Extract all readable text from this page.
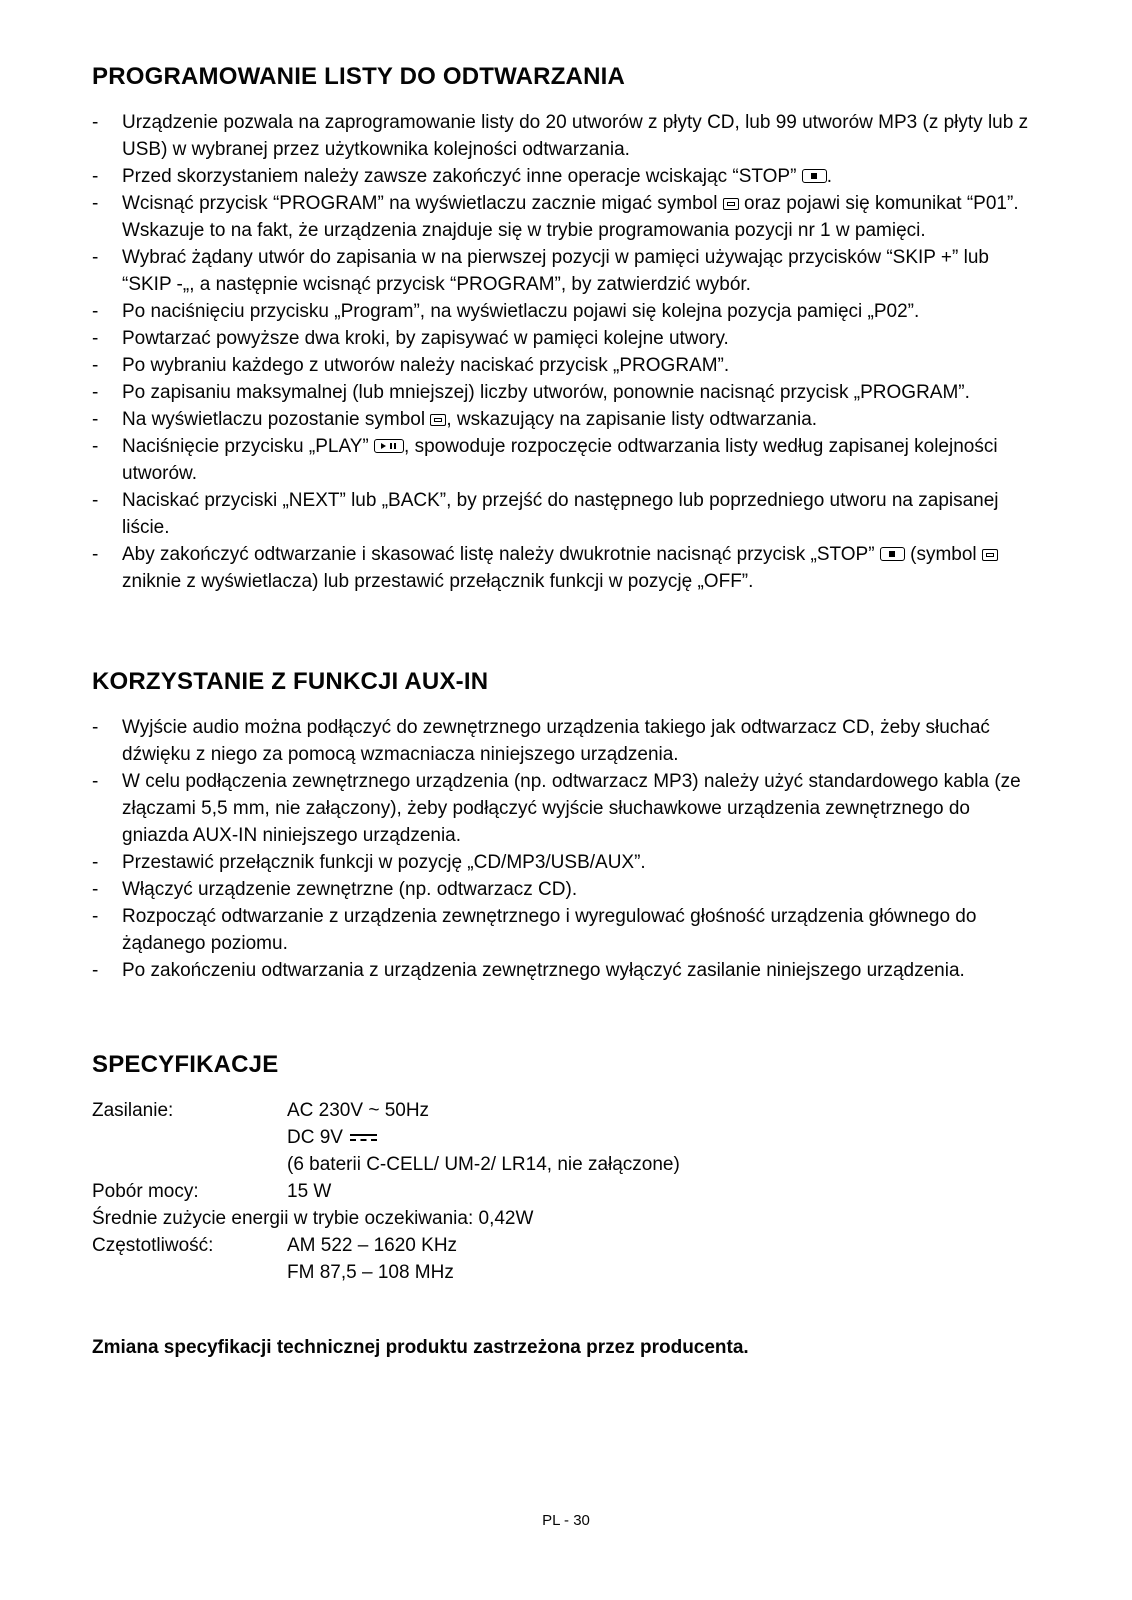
PROGRAMOWANIE LISTY DO ODTWARZANIA
-	Urządzenie pozwala na zaprogramowanie listy do 20 utworów z płyty CD, lub 99 utworów MP3 (z płyty lub z USB) w wybranej przez użytkownika kolejności odtwarzania.
-	Przed skorzystaniem należy zawsze zakończyć inne operacje wciskając “STOP” .
-	Wcisnąć przycisk “PROGRAM” na wyświetlaczu zacznie migać symbol  oraz pojawi się komunikat “P01”. Wskazuje to na fakt, że urządzenia znajduje się w trybie programowania pozycji nr 1 w pamięci.
-	Wybrać żądany utwór do zapisania w na pierwszej pozycji w pamięci używając przycisków “SKIP +” lub “SKIP -„, a następnie wcisnąć przycisk “PROGRAM”, by zatwierdzić wybór.
-	Po naciśnięciu przycisku „Program”, na wyświetlaczu pojawi się kolejna pozycja pamięci „P02”.
-	Powtarzać powyższe dwa kroki, by zapisywać w pamięci kolejne utwory.
-	Po wybraniu każdego z utworów należy naciskać przycisk „PROGRAM”.
-	Po zapisaniu maksymalnej (lub mniejszej) liczby utworów, ponownie nacisnąć przycisk „PROGRAM”.
-	Na wyświetlaczu pozostanie symbol , wskazujący na zapisanie listy odtwarzania.
-	Naciśnięcie przycisku „PLAY” , spowoduje rozpoczęcie odtwarzania listy według zapisanej kolejności utworów.
-	Naciskać przyciski „NEXT” lub „BACK”, by przejść do następnego lub poprzedniego utworu na zapisanej liście.
-	Aby zakończyć odtwarzanie i skasować listę należy dwukrotnie nacisnąć przycisk „STOP”  (symbol  zniknie z wyświetlacza) lub przestawić przełącznik funkcji w pozycję „OFF”.
KORZYSTANIE Z FUNKCJI AUX-IN
-	Wyjście audio można podłączyć do zewnętrznego urządzenia takiego jak odtwarzacz CD, żeby słuchać dźwięku z niego za pomocą wzmacniacza niniejszego urządzenia.
-	W celu podłączenia zewnętrznego urządzenia (np. odtwarzacz MP3) należy użyć standardowego kabla (ze złączami 5,5 mm, nie załączony), żeby podłączyć wyjście słuchawkowe urządzenia zewnętrznego do gniazda AUX-IN niniejszego urządzenia.
-	Przestawić przełącznik funkcji w pozycję „CD/MP3/USB/AUX”.
-	Włączyć urządzenie zewnętrzne (np. odtwarzacz CD).
-	Rozpocząć odtwarzanie z urządzenia zewnętrznego i wyregulować głośność urządzenia głównego do żądanego poziomu.
-	Po zakończeniu odtwarzania z urządzenia zewnętrznego wyłączyć zasilanie niniejszego urządzenia.
SPECYFIKACJE
Zasilanie:	AC 230V ~ 50Hz
DC 9V
(6 baterii C-CELL/ UM-2/ LR14, nie załączone)
Pobór mocy:	15 W

Średnie zużycie energii w trybie oczekiwania: 0,42W

Częstotliwość:	AM 522 – 1620 KHz
FM 87,5 – 108 MHz

Zmiana specyfikacji technicznej produktu zastrzeżona przez producenta.

PL - 30
